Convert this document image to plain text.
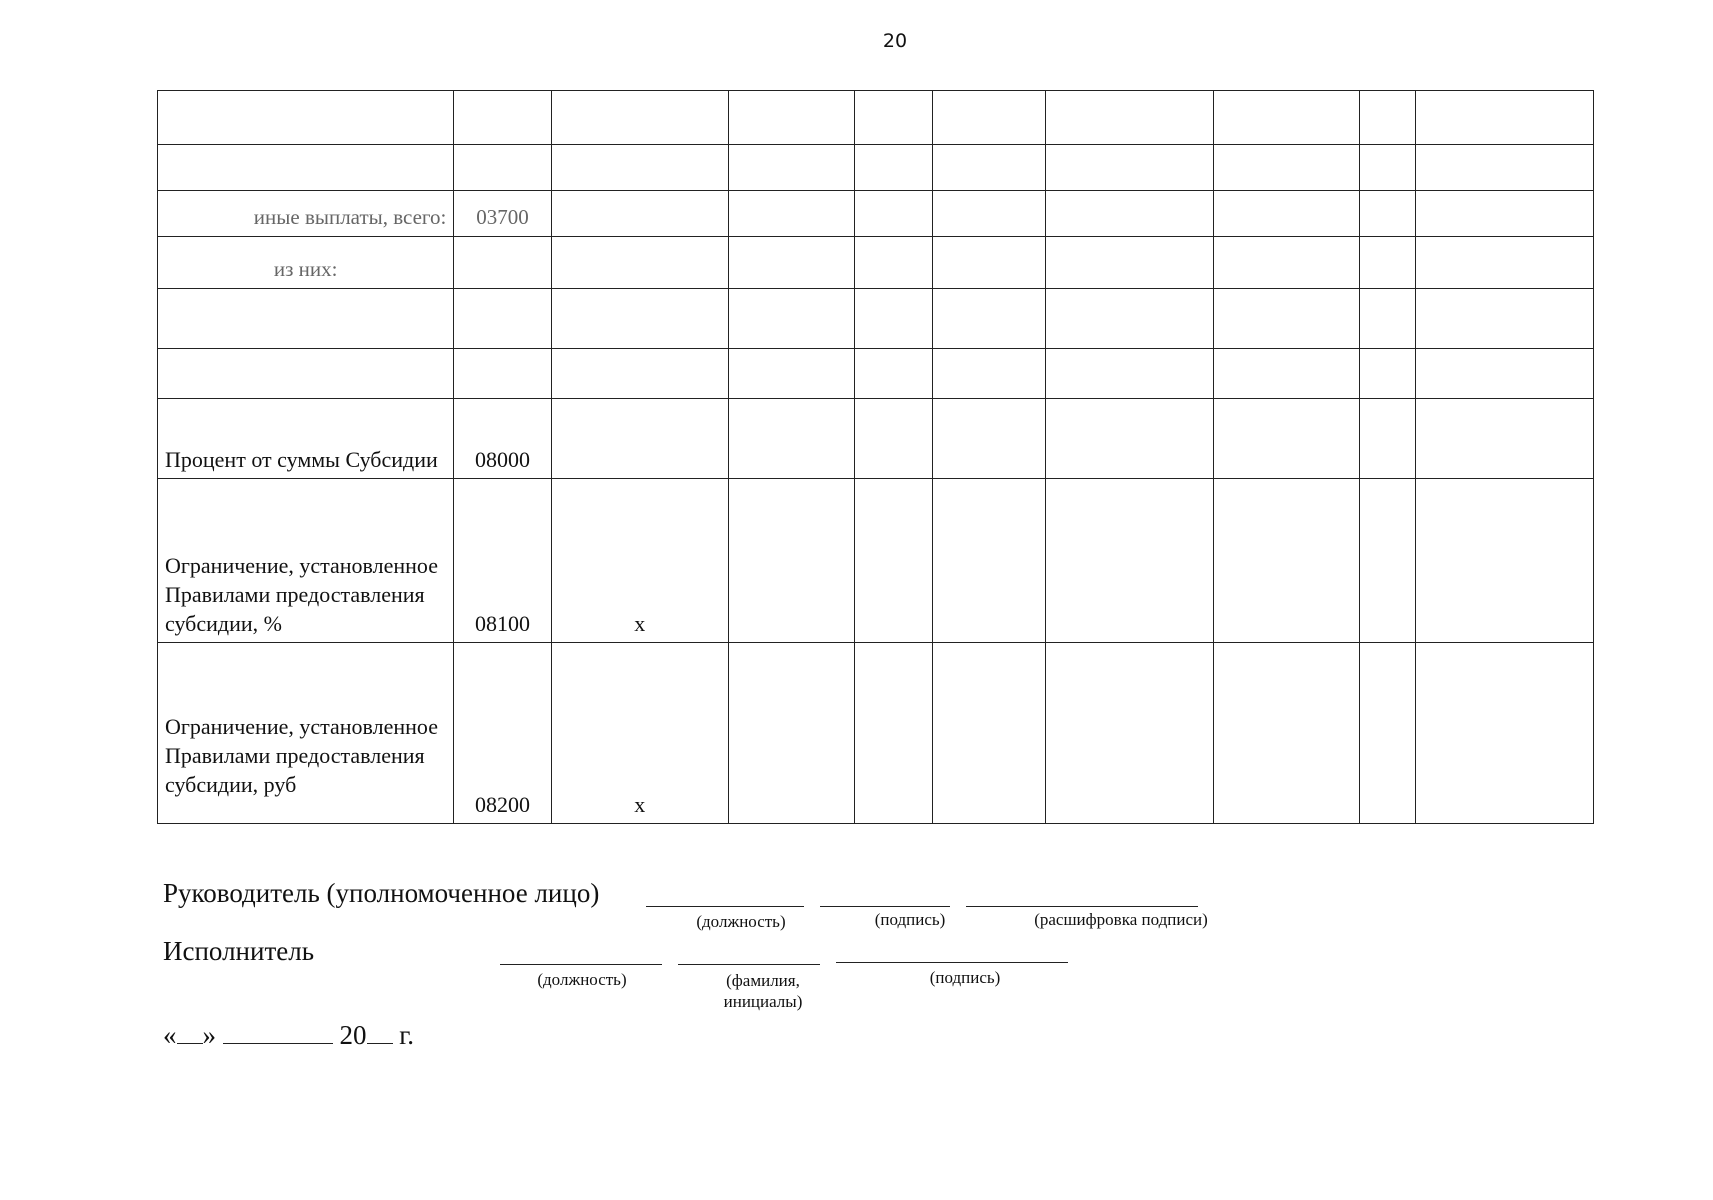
20

иные выплаты, всего:	03700								
из них:									

Процент от суммы Субсидии	08000								
Ограничение, установленное Правилами предоставления субсидии, %	08100	x							
Ограничение, установленное Правилами предоставления субсидии, руб	08200	x							
Руководитель (уполномоченное лицо)
(должность)	(подпись)	(расшифровка подписи)
Исполнитель
(должность)	(фамилия, инициалы)
(подпись)
« »	20 г.
